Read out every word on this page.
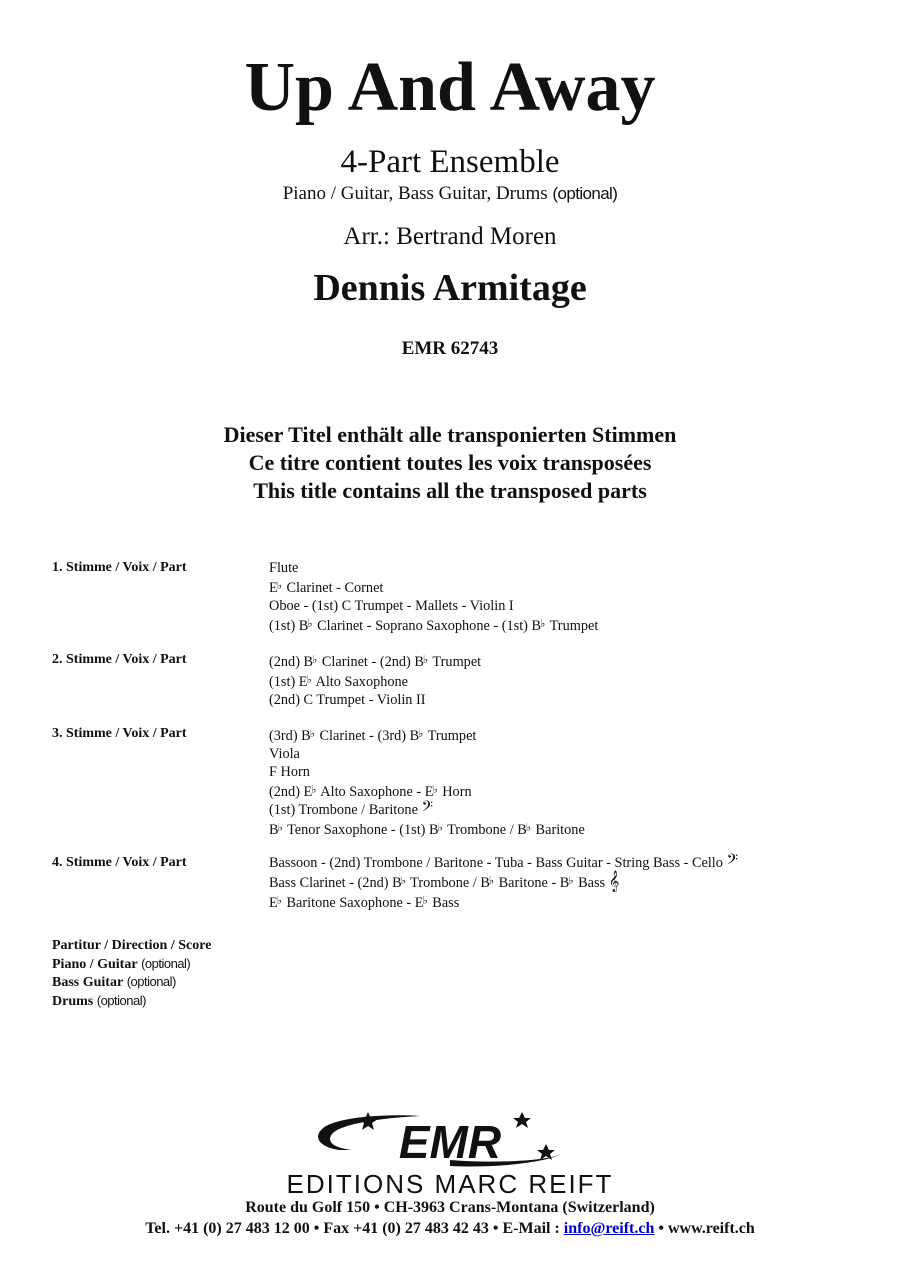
Up And Away
4-Part Ensemble
Piano / Guitar, Bass Guitar, Drums (optional)
Arr.: Bertrand Moren
Dennis Armitage
EMR 62743
Dieser Titel enthält alle transponierten Stimmen
Ce titre contient toutes les voix transposées
This title contains all the transposed parts
1. Stimme / Voix / Part	Flute
E♭ Clarinet - Cornet
Oboe - (1st) C Trumpet - Mallets - Violin I
(1st) B♭ Clarinet - Soprano Saxophone - (1st) B♭ Trumpet
2. Stimme / Voix / Part	(2nd) B♭ Clarinet - (2nd) B♭ Trumpet
(1st) E♭ Alto Saxophone
(2nd) C Trumpet - Violin II
3. Stimme / Voix / Part	(3rd) B♭ Clarinet - (3rd) B♭ Trumpet
Viola
F Horn
(2nd) E♭ Alto Saxophone - E♭ Horn
(1st) Trombone / Baritone 𝄢
B♭ Tenor Saxophone - (1st) B♭ Trombone / B♭ Baritone
4. Stimme / Voix / Part	Bassoon - (2nd) Trombone / Baritone - Tuba - Bass Guitar - String Bass - Cello 𝄢
Bass Clarinet - (2nd) B♭ Trombone / B♭ Baritone - B♭ Bass 𝄞
E♭ Baritone Saxophone - E♭ Bass
Partitur / Direction / Score
Piano / Guitar (optional)
Bass Guitar (optional)
Drums (optional)
EMR
EDITIONS MARC REIFT
Route du Golf 150 • CH-3963 Crans-Montana (Switzerland)
Tel. +41 (0) 27 483 12 00 • Fax +41 (0) 27 483 42 43 • E-Mail : info@reift.ch • www.reift.ch
